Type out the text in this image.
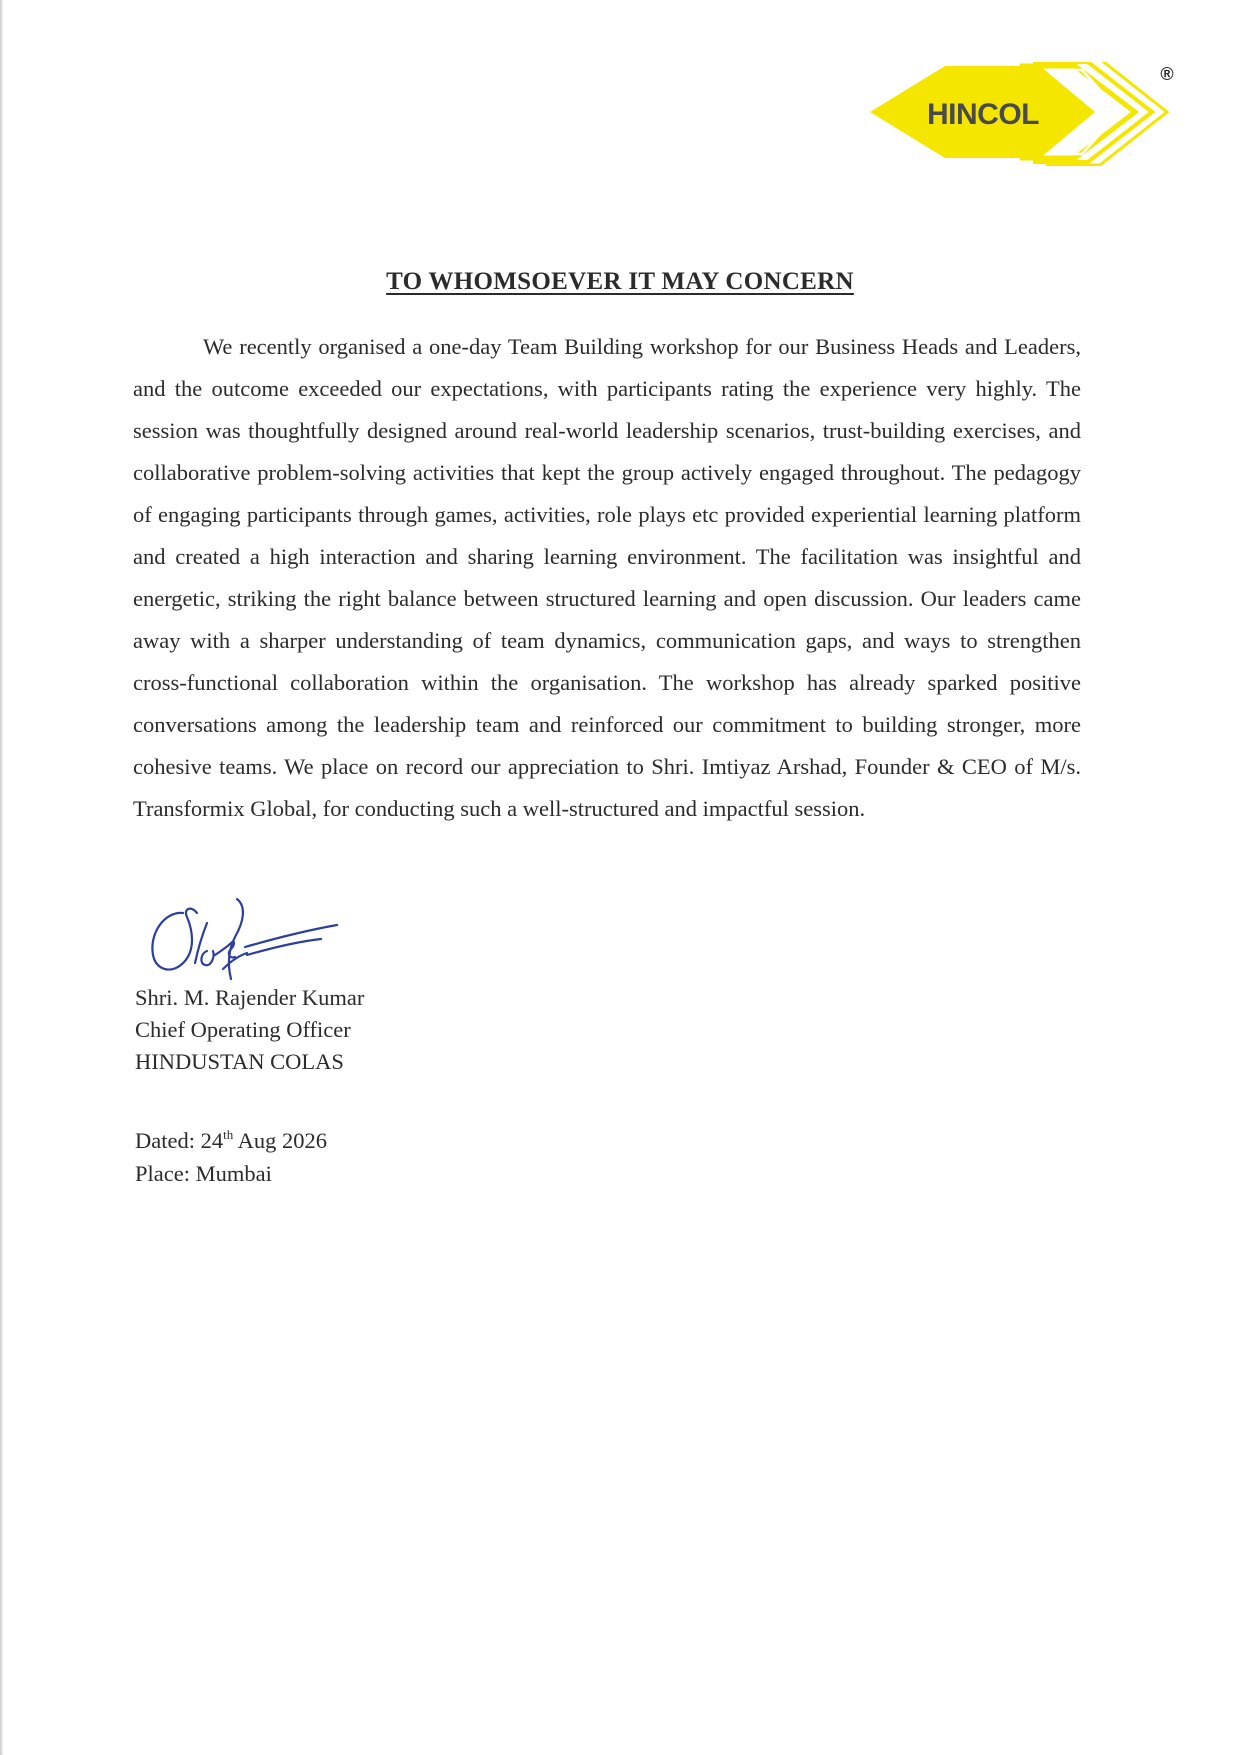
HINCOL
®
TO WHOMSOEVER IT MAY CONCERN
We recently organised a one-day Team Building workshop for our Business Heads and Leaders, and the outcome exceeded our expectations, with participants rating the experience very highly. The session was thoughtfully designed around real-world leadership scenarios, trust-building exercises, and collaborative problem-solving activities that kept the group actively engaged throughout. The pedagogy of engaging participants through games, activities, role plays etc provided experiential learning platform and created a high interaction and sharing learning environment. The facilitation was insightful and energetic, striking the right balance between structured learning and open discussion. Our leaders came away with a sharper understanding of team dynamics, communication gaps, and ways to strengthen cross-functional collaboration within the organisation. The workshop has already sparked positive conversations among the leadership team and reinforced our commitment to building stronger, more cohesive teams. We place on record our appreciation to Shri. Imtiyaz Arshad, Founder & CEO of M/s. Transformix Global, for conducting such a well-structured and impactful session.
Shri. M. Rajender Kumar
Chief Operating Officer
HINDUSTAN COLAS
Dated: 24th Aug 2026
Place: Mumbai
